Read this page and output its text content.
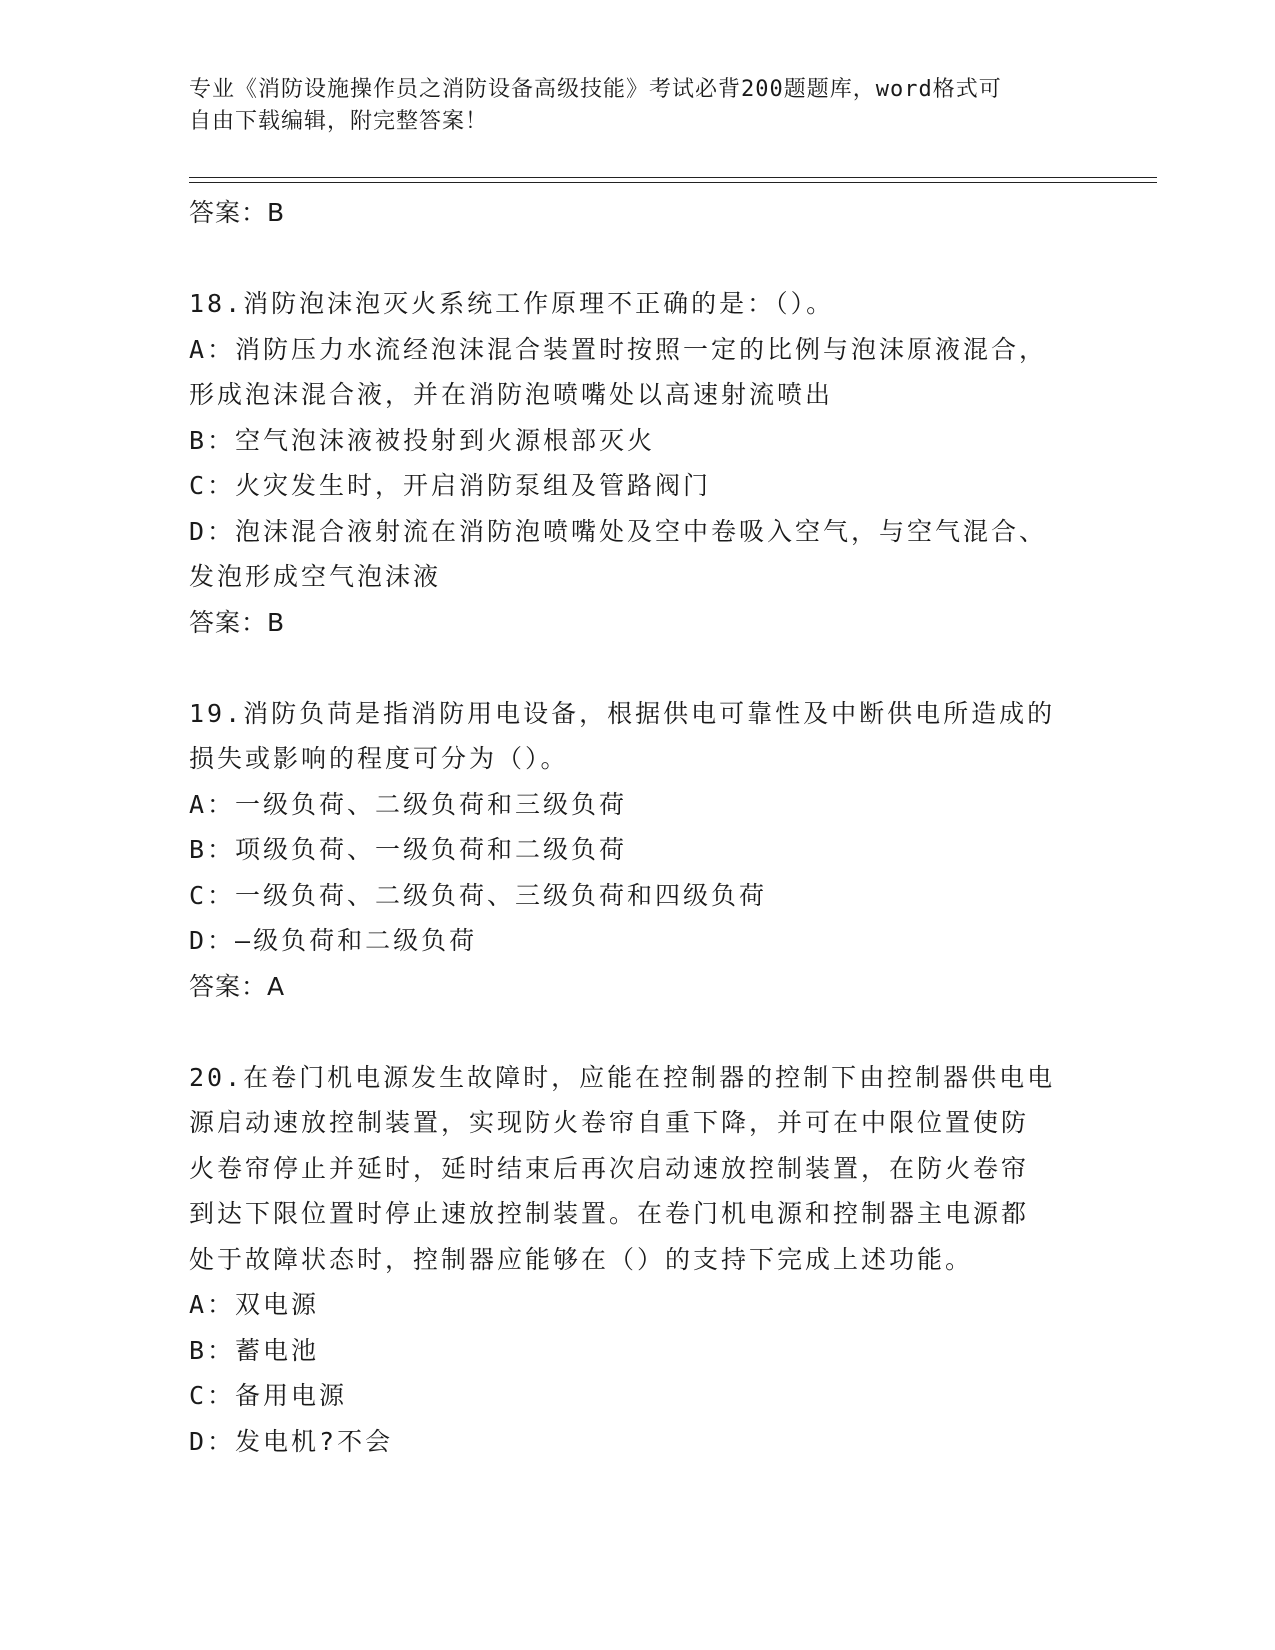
专业《消防设施操作员之消防设备高级技能》考试必背200题题库，word格式可
自由下载编辑，附完整答案！
答案：B
18.消防泡沫泡灭火系统工作原理不正确的是：（）。
A：消防压力水流经泡沫混合装置时按照一定的比例与泡沫原液混合，
形成泡沫混合液，并在消防泡喷嘴处以高速射流喷出
B：空气泡沫液被投射到火源根部灭火
C：火灾发生时，开启消防泵组及管路阀门
D：泡沫混合液射流在消防泡喷嘴处及空中卷吸入空气，与空气混合、
发泡形成空气泡沫液
答案：B
19.消防负苘是指消防用电设备，根据供电可靠性及中断供电所造成的
损失或影响的程度可分为（）。
A：一级负荷、二级负荷和三级负荷
B：项级负荷、一级负荷和二级负荷
C：一级负荷、二级负荷、三级负荷和四级负荷
D：—级负荷和二级负荷
答案：A
20.在卷门机电源发生故障时，应能在控制器的控制下由控制器供电电
源启动速放控制装置，实现防火卷帘自重下降，并可在中限位置使防
火卷帘停止并延时，延时结束后再次启动速放控制装置，在防火卷帘
到达下限位置时停止速放控制装置。在卷门机电源和控制器主电源都
处于故障状态时，控制器应能够在（）的支持下完成上述功能。
A：双电源
B：蓄电池
C：备用电源
D：发电机?不会
